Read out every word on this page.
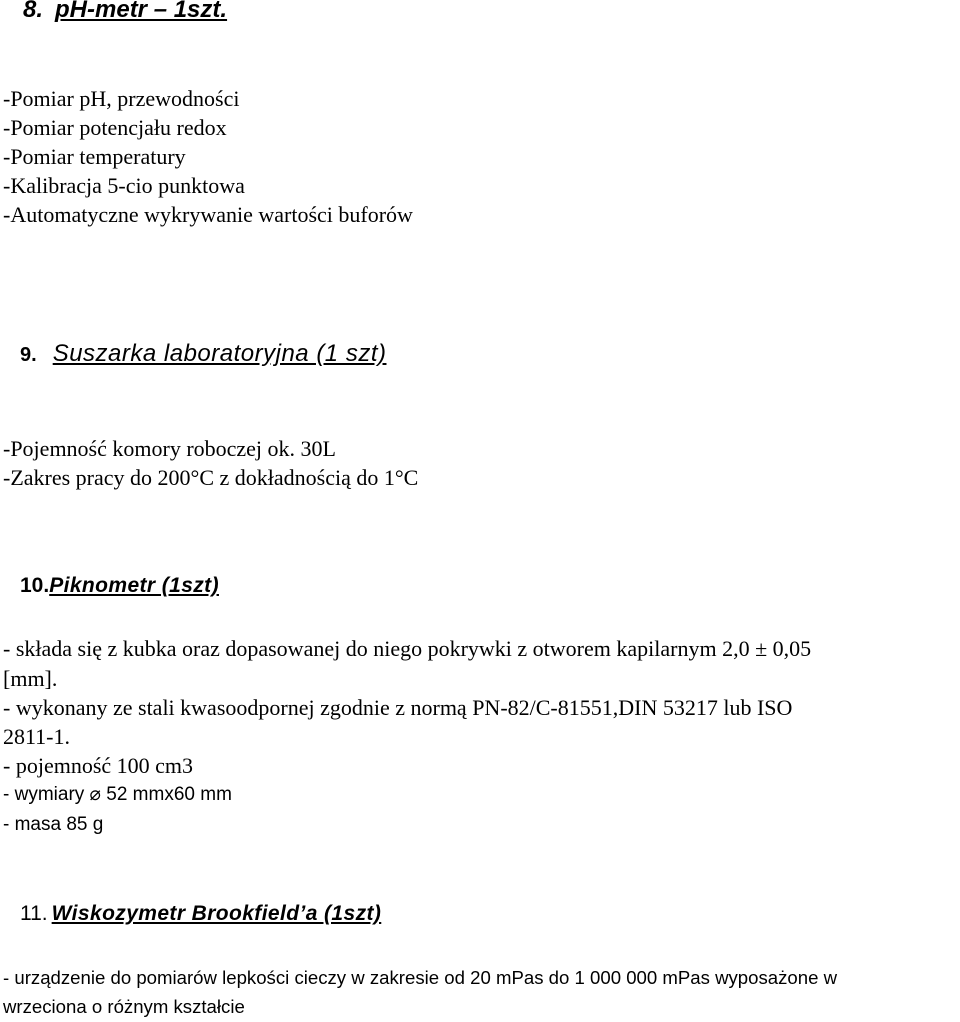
8. pH-metr – 1szt.
-Pomiar pH, przewodności
-Pomiar potencjału redox
-Pomiar temperatury
-Kalibracja 5-cio punktowa
-Automatyczne wykrywanie wartości buforów
9. Suszarka laboratoryjna (1 szt)
-Pojemność komory roboczej ok. 30L
-Zakres pracy do 200°C z dokładnością do 1°C
10.Piknometr (1szt)
- składa się z kubka oraz dopasowanej do niego pokrywki z otworem kapilarnym 2,0 ± 0,05
[mm].
- wykonany ze stali kwasoodpornej zgodnie z normą PN-82/C-81551,DIN 53217 lub ISO
2811-1.
- pojemność 100 cm3
- wymiary ⌀ 52 mmx60 mm
- masa 85 g
11. Wiskozymetr Brookfield’a (1szt)
- urządzenie do pomiarów lepkości cieczy w zakresie od 20 mPas do 1 000 000 mPas wyposażone w
wrzeciona o różnym kształcie
